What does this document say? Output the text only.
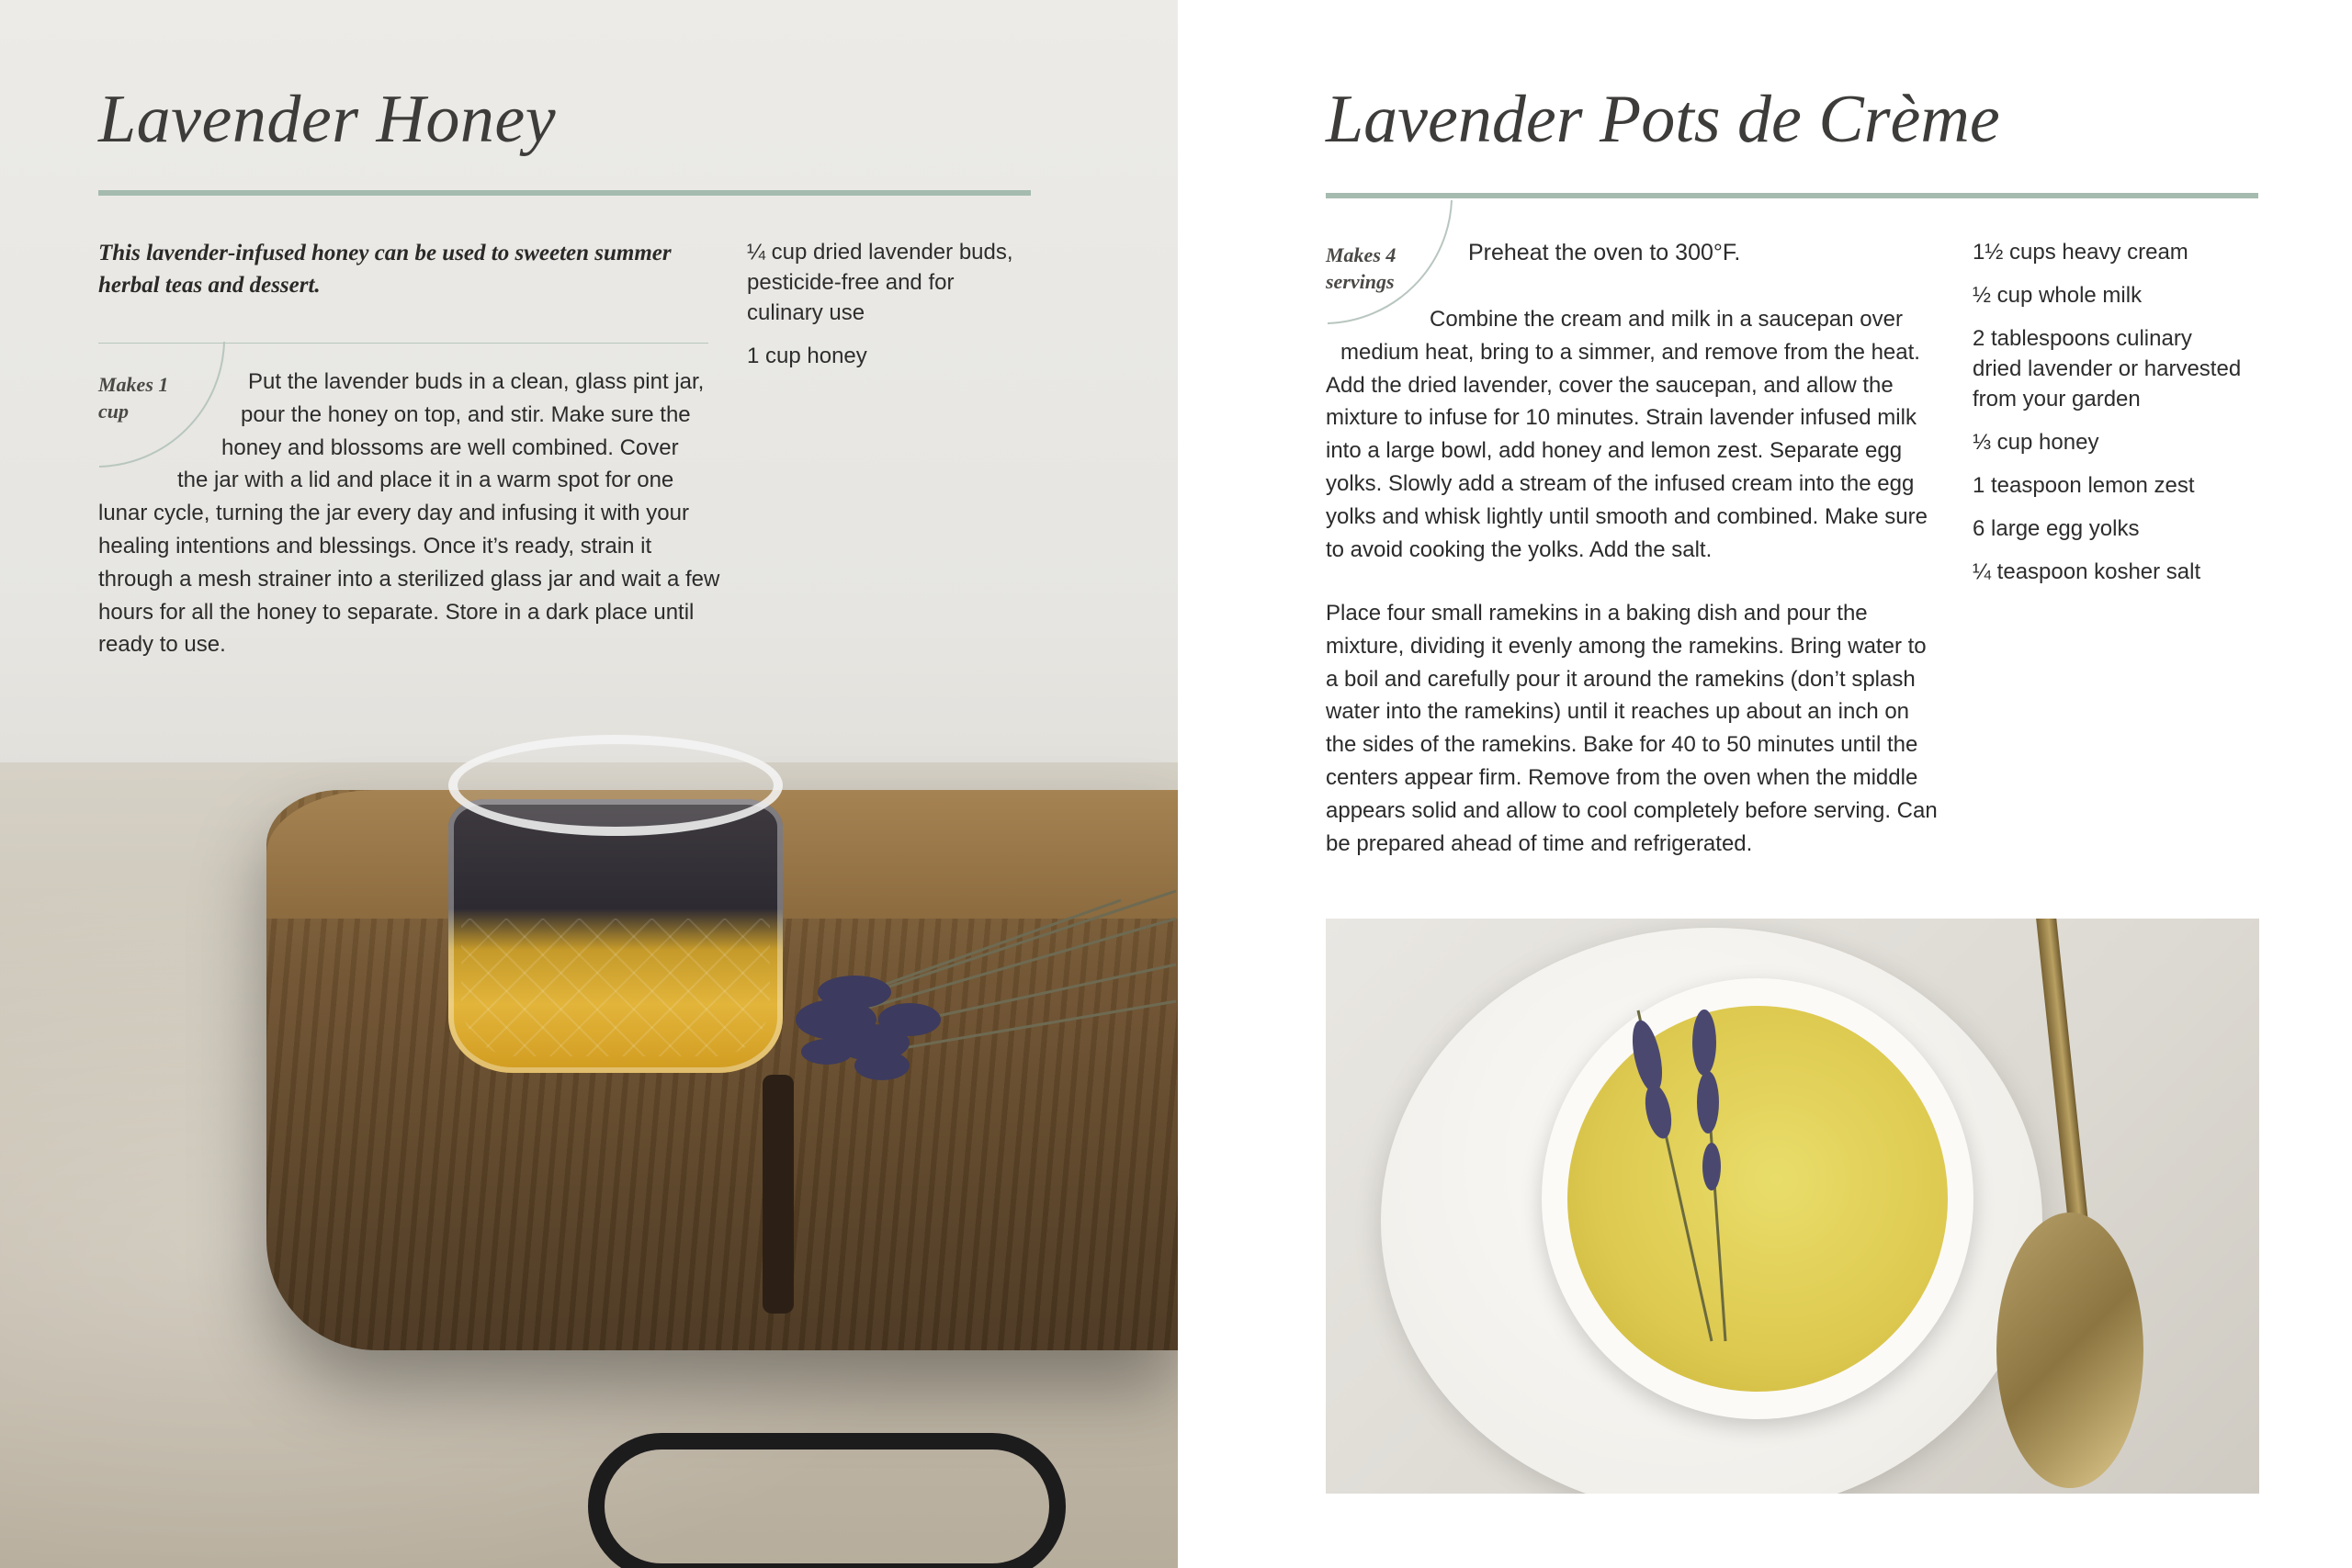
Lavender Honey
This lavender-infused honey can be used to sweeten summer
herbal teas and dessert.
¼ cup dried lavender buds,
pesticide-free and for
culinary use
1 cup honey
Makes 1
cup
Put the lavender buds in a clean, glass pint jar,
pour the honey on top, and stir. Make sure the
honey and blossoms are well combined. Cover
the jar with a lid and place it in a warm spot for one
lunar cycle, turning the jar every day and infusing it with your
healing intentions and blessings. Once it’s ready, strain it
through a mesh strainer into a sterilized glass jar and wait a few
hours for all the honey to separate. Store in a dark place until
ready to use.
Lavender Pots de Crème
Makes 4
servings
Preheat the oven to 300°F.
Combine the cream and milk in a saucepan over
medium heat, bring to a simmer, and remove from the heat.
Add the dried lavender, cover the saucepan, and allow the
mixture to infuse for 10 minutes. Strain lavender infused milk
into a large bowl, add honey and lemon zest. Separate egg
yolks. Slowly add a stream of the infused cream into the egg
yolks and whisk lightly until smooth and combined. Make sure
to avoid cooking the yolks. Add the salt.
Place four small ramekins in a baking dish and pour the
mixture, dividing it evenly among the ramekins. Bring water to
a boil and carefully pour it around the ramekins (don’t splash
water into the ramekins) until it reaches up about an inch on
the sides of the ramekins. Bake for 40 to 50 minutes until the
centers appear firm. Remove from the oven when the middle
appears solid and allow to cool completely before serving. Can
be prepared ahead of time and refrigerated.
1½ cups heavy cream
½ cup whole milk
2 tablespoons culinary
dried lavender or harvested
from your garden
⅓ cup honey
1 teaspoon lemon zest
6 large egg yolks
¼ teaspoon kosher salt
